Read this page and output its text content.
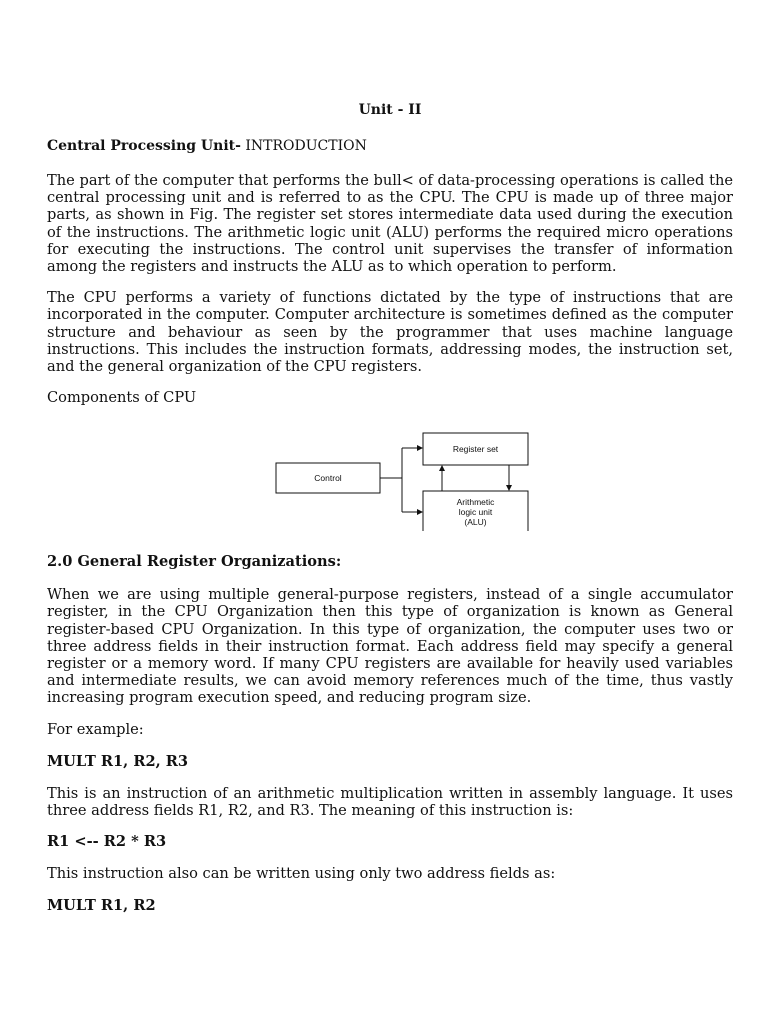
Unit - II
Central Processing Unit- INTRODUCTION

The part of the computer that performs the bull< of data-processing operations is called the central processing unit and is referred to as the CPU. The CPU is made up of three major parts, as shown in Fig. The register set stores intermediate data used during the execution of the instructions. The arithmetic logic unit (ALU) performs the required micro operations for executing the instructions. The control unit supervises the transfer of information among the registers and instructs the ALU as to which operation to perform.

The CPU performs a variety of functions dictated by the type of instructions that are incorporated in the computer. Computer architecture is sometimes defined as the computer structure and behaviour as seen by the programmer that uses machine language instructions. This includes the instruction formats, addressing modes, the instruction set, and the general organization of the CPU registers.

Components of CPU
Control
Register set
Arithmetic
logic unit
(ALU)
2.0 General Register Organizations:

When we are using multiple general-purpose registers, instead of a single accumulator register, in the CPU Organization then this type of organization is known as General register-based CPU Organization. In this type of organization, the computer uses two or three address fields in their instruction format. Each address field may specify a general register or a memory word. If many CPU registers are available for heavily used variables and intermediate results, we can avoid memory references much of the time, thus vastly increasing program execution speed, and reducing program size.

For example:
MULT R1, R2, R3

This is an instruction of an arithmetic multiplication written in assembly language. It uses three address fields R1, R2, and R3. The meaning of this instruction is:

R1 <-- R2 * R3
This instruction also can be written using only two address fields as:
MULT R1, R2
